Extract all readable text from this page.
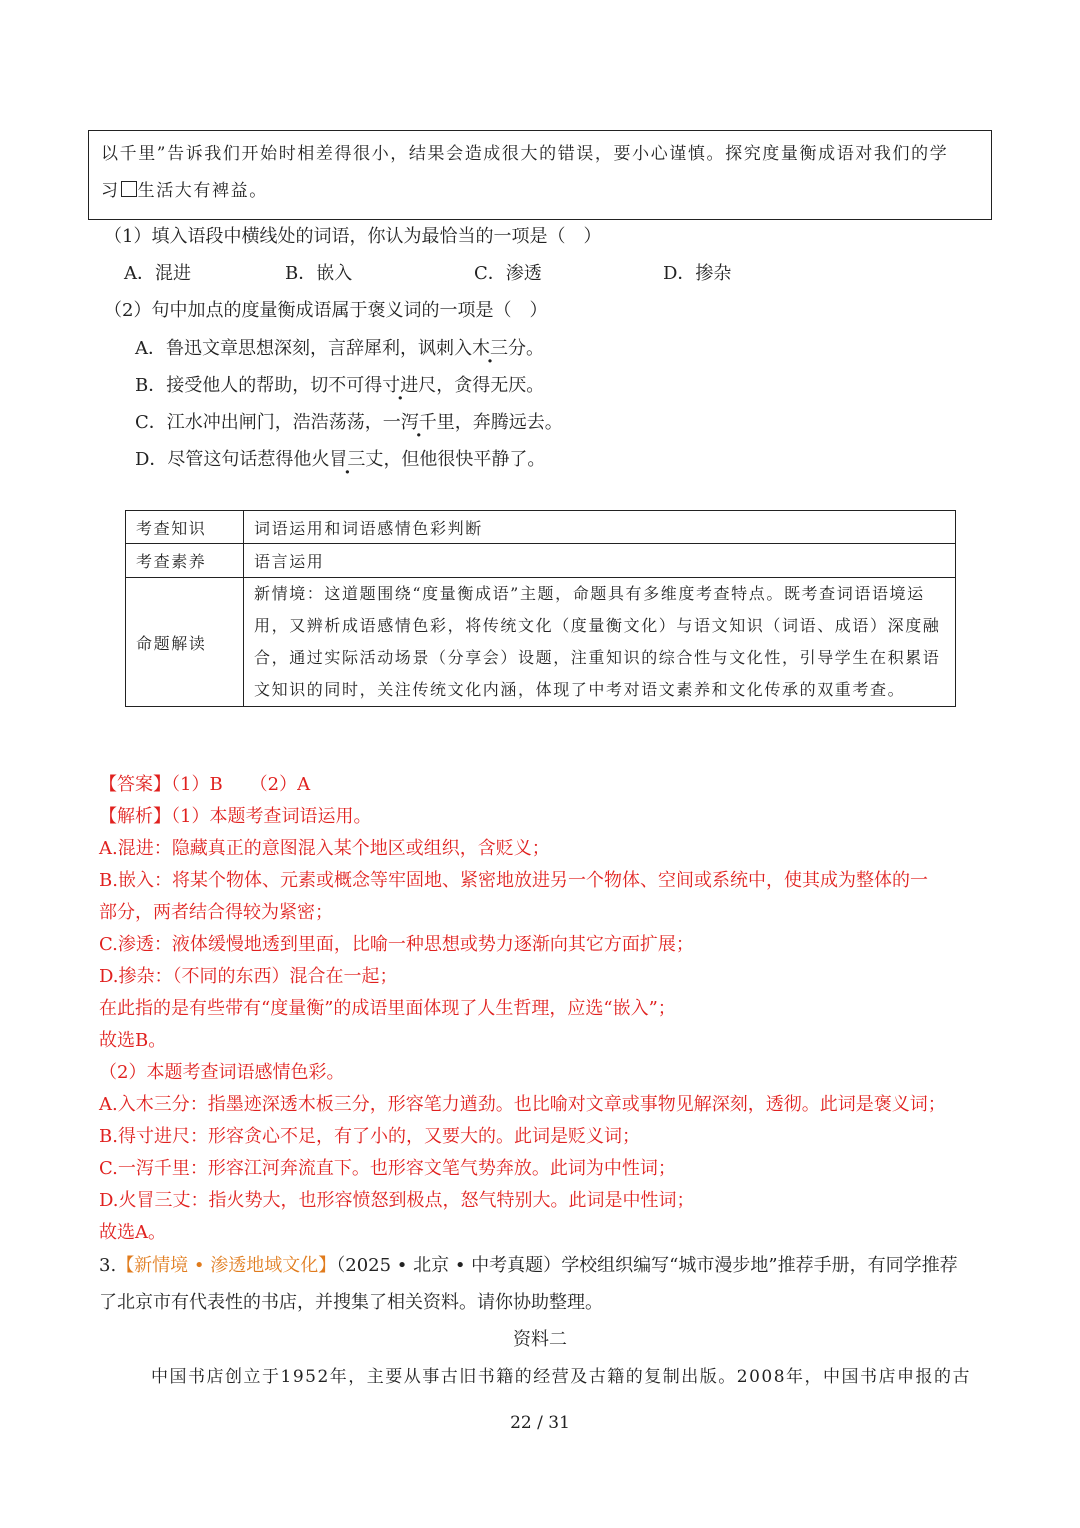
以千里”告诉我们开始时相差得很小，结果会造成很大的错误，要小心谨慎。探究度量衡成语对我们的学
习 生活大有裨益。
（1）填入语段中横线处的词语，你认为最恰当的一项是（　）
A．混进	B．嵌入	C．渗透	D．掺杂
（2）句中加点的度量衡成语属于褒义词的一项是（　）
A．鲁迅文章思想深刻，言辞犀利，讽刺入木三分。
B．接受他人的帮助，切不可得寸进尺，贪得无厌。
C．江水冲出闸门，浩浩荡荡，一泻千里，奔腾远去。
D．尽管这句话惹得他火冒三丈，但他很快平静了。
考查知识	词语运用和词语感情色彩判断
考查素养	语言运用
命题解读	新情境：这道题围绕“度量衡成语”主题，命题具有多维度考查特点。既考查词语语境运用，又辨析成语感情色彩，将传统文化（度量衡文化）与语文知识（词语、成语）深度融合，通过实际活动场景（分享会）设题，注重知识的综合性与文化性，引导学生在积累语文知识的同时，关注传统文化内涵，体现了中考对语文素养和文化传承的双重考查。
【答案】（1）B　　（2）A
【解析】（1）本题考查词语运用。
A.混进：隐藏真正的意图混入某个地区或组织，含贬义；
B.嵌入：将某个物体、元素或概念等牢固地、紧密地放进另一个物体、空间或系统中，使其成为整体的一
部分，两者结合得较为紧密；
C.渗透：液体缓慢地透到里面，比喻一种思想或势力逐渐向其它方面扩展；
D.掺杂：（不同的东西）混合在一起；
在此指的是有些带有“度量衡”的成语里面体现了人生哲理，应选“嵌入”；
故选B。
（2）本题考查词语感情色彩。
A.入木三分：指墨迹深透木板三分，形容笔力遒劲。也比喻对文章或事物见解深刻，透彻。此词是褒义词；
B.得寸进尺：形容贪心不足，有了小的，又要大的。此词是贬义词；
C.一泻千里：形容江河奔流直下。也形容文笔气势奔放。此词为中性词；
D.火冒三丈：指火势大，也形容愤怒到极点，怒气特别大。此词是中性词；
故选A。
3.【新情境 • 渗透地域文化】（2025 • 北京 • 中考真题）学校组织编写“城市漫步地”推荐手册，有同学推荐
了北京市有代表性的书店，并搜集了相关资料。请你协助整理。
资料二
中国书店创立于1952年，主要从事古旧书籍的经营及古籍的复制出版。2008年，中国书店申报的古
22 / 31
